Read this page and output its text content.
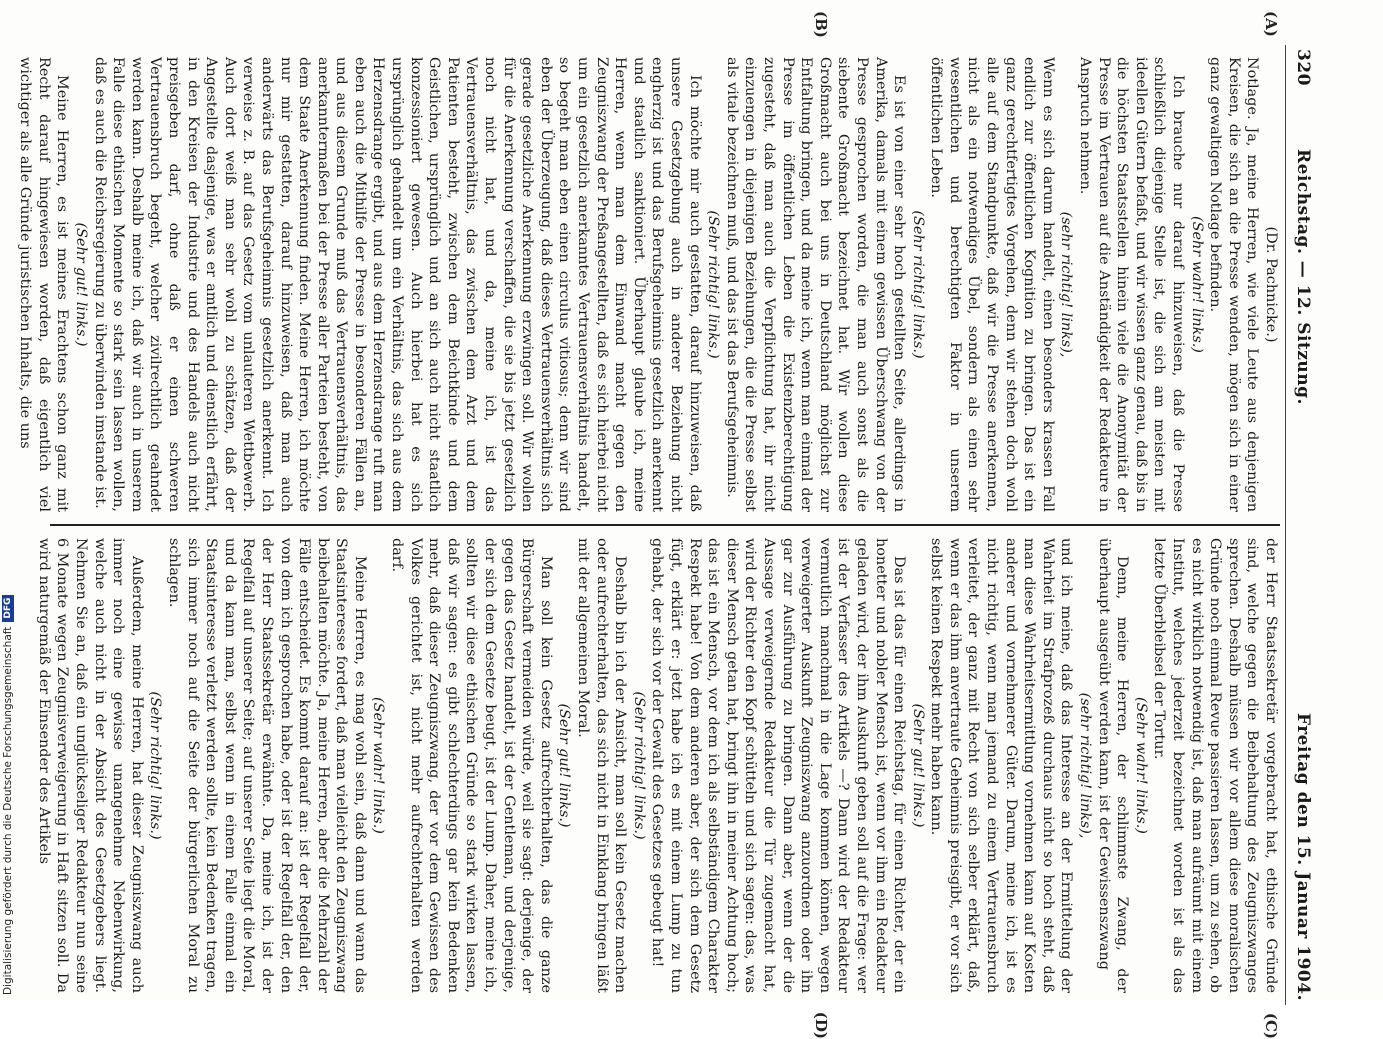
320
Reichstag. — 12. Sitzung.
Freitag den 15. Januar 1904.
(A)
(B)

(Dr. Pachnicke.)

Notlage. Ja, meine Herren, wie viele Leute aus denjenigen Kreisen, die sich an die Presse wenden, mögen sich in einer ganz gewaltigen Notlage befinden.

(Sehr wahr! links.)

Ich brauche nur darauf hinzuweisen, daß die Presse schließlich diejenige Stelle ist, die sich am meisten mit ideellen Gütern befaßt, und wir wissen ganz genau, daß bis in die höchsten Staatsstellen hinein viele die Anonymität der Presse im Vertrauen auf die Anständigkeit der Redakteure in Anspruch nehmen.

(sehr richtig! links),

Wenn es sich darum handelt, einen besonders krassen Fall endlich zur öffentlichen Kognition zu bringen. Das ist ein ganz gerechtfertigtes Vorgehen, denn wir stehen doch wohl alle auf dem Standpunkte, daß wir die Presse anerkennen, nicht als ein notwendiges Übel, sondern als einen sehr wesentlichen und berechtigten Faktor in unserem öffentlichen Leben.

(Sehr richtig! links.)

Es ist von einer sehr hoch gestellten Seite, allerdings in Amerika, damals mit einem gewissen Überschwang von der Presse gesprochen worden, die man auch sonst als die siebente Großmacht bezeichnet hat. Wir wollen diese Großmacht auch bei uns in Deutschland möglichst zur Entfaltung bringen, und da meine ich, wenn man einmal der Presse im öffentlichen Leben die Existenzberechtigung zugesteht, daß man auch die Verpflichtung hat, ihr nicht einzuengen in diejenigen Beziehungen, die die Presse selbst als vitale bezeichnen muß, und das ist das Berufsgeheimnis.

(Sehr richtig! links.)

Ich möchte mir auch gestatten, darauf hinzuweisen, daß unsere Gesetzgebung auch in anderer Beziehung nicht engherzig ist und das Berufsgeheimnis gesetzlich anerkennt und staatlich sanktioniert. Überhaupt glaube ich, meine Herren, wenn man dem Einwand macht gegen den Zeugniszwang der Preßangestellten, daß es sich hierbei nicht um ein gesetzlich anerkanntes Vertrauensverhältnis handelt, so begeht man eben einen circulus vitiosus; denn wir sind eben der Überzeugung, daß dieses Vertrauensverhältnis sich gerade gesetzliche Anerkennung erzwingen soll. Wir wollen für die Anerkennung verschaffen, die sie bis jetzt gesetzlich noch nicht hat, und da, meine ich, ist das Vertrauensverhältnis, das zwischen dem Arzt und dem Patienten besteht, zwischen dem Beichtkinde und dem Geistlichen, ursprünglich und an sich auch nicht staatlich konzessioniert gewesen. Auch hierbei hat es sich ursprünglich gehandelt um ein Verhältnis, das sich aus dem Herzensdrange ergibt, und aus dem Herzensdrange ruft man eben auch die Mithilfe der Presse in besonderen Fällen an, und aus diesem Grunde muß das Vertrauensverhältnis, das anerkanntermaßen bei der Presse aller Parteien besteht, von dem Staate Anerkennung finden. Meine Herren, ich möchte nur mir gestatten, darauf hinzuweisen, daß man auch anderwärts das Berufsgeheimnis gesetzlich anerkennt. Ich verweise z. B. auf das Gesetz vom unlauteren Wettbewerb. Auch dort weiß man sehr wohl zu schätzen, daß der Angestellte dasjenige, was er amtlich und dienstlich erfährt, in den Kreisen der Industrie und des Handels auch nicht preisgeben darf, ohne daß er einen schweren Vertrauensbruch begeht, welcher zivilrechtlich geahndet werden kann. Deshalb meine ich, daß wir auch in unserem Falle diese ethischen Momente so stark sein lassen wollen, daß es auch die Reichsregierung zu überwinden imstande ist.

(Sehr gut! links.)

Meine Herren, es ist meines Erachtens schon ganz mit Recht darauf hingewiesen worden, daß eigentlich viel wichtiger als alle Gründe juristischen Inhalts, die uns

(C)
(D)

der Herr Staatssekretär vorgebracht hat, ethische Gründe sind, welche gegen die Beibehaltung des Zeugniszwanges sprechen. Deshalb müssen wir vor allem diese moralischen Gründe noch einmal Revue passieren lassen, um zu sehen, ob es nicht wirklich notwendig ist, daß man aufräumt mit einem Institut, welches jederzeit bezeichnet worden ist als das letzte Überbleibsel der Tortur.

(Sehr wahr! links.)

Denn, meine Herren, der schlimmste Zwang, der überhaupt ausgeübt werden kann, ist der Gewissenszwang

(sehr richtig! links),

und ich meine, daß das Interesse an der Ermittelung der Wahrheit im Strafprozeß durchaus nicht so hoch steht, daß man diese Wahrheitsermittlung vornehmen kann auf Kosten anderer und vornehmerer Güter. Darum, meine ich, ist es nicht richtig, wenn man jemand zu einem Vertrauensbruch verleitet, der ganz mit Recht von sich selber erklärt, daß, wenn er das ihm anvertraute Geheimnis preisgibt, er vor sich selbst keinen Respekt mehr haben kann.

(Sehr gut! links.)

Das ist das für einen Reichstag, für einen Richter, der ein honetter und nobler Mensch ist, wenn vor ihm ein Redakteur geladen wird, der ihm Auskunft geben soll auf die Frage: wer ist der Verfasser des Artikels —? Dann wird der Redakteur vermutlich manchmal in die Lage kommen können, wegen verweigerter Auskunft Zeugniszwang anzuordnen oder ihn gar zur Ausführung zu bringen. Dann aber, wenn der die Aussage verweigernde Redakteur die Tür zugemacht hat, wird der Richter den Kopf schütteln und sich sagen: das, was dieser Mensch getan hat, bringt ihn in meiner Achtung hoch; das ist ein Mensch, vor dem ich als selbständigem Charakter Respekt habe! Von dem anderen aber, der sich dem Gesetz fügt, erklärt er: jetzt habe ich es mit einem Lump zu tun gehabt, der sich vor der Gewalt des Gesetzes gebeugt hat!

(Sehr richtig! links.)

Deshalb bin ich der Ansicht, man soll kein Gesetz machen oder aufrechterhalten, das sich nicht in Einklang bringen läßt mit der allgemeinen Moral.

(Sehr gut! links.)

Man soll kein Gesetz aufrechterhalten, das die ganze Bürgerschaft vermeiden würde, weil sie sagt: derjenige, der gegen das Gesetz handelt, ist der Gentleman, und derjenige, der sich dem Gesetze beugt, ist der Lump. Daher, meine ich, sollten wir diese ethischen Gründe so stark wirken lassen, daß wir sagen: es gibt schlechterdings gar kein Bedenken mehr, daß dieser Zeugniszwang, der vor dem Gewissen des Volkes gerichtet ist, nicht mehr aufrechterhalten werden darf.

(Sehr wahr! links.)

Meine Herren, es mag wohl sein, daß dann und wann das Staatsinteresse fordert, daß man vielleicht den Zeugniszwang beibehalten möchte. Ja, meine Herren, aber die Mehrzahl der Fälle entscheidet. Es kommt darauf an: ist der Regelfall der, von dem ich gesprochen habe, oder ist der Regelfall der, den der Herr Staatssekretär erwähnte. Da, meine ich, ist der Regelfall auf unserer Seite; auf unserer Seite liegt die Moral, und da kann man, selbst wenn in einem Falle einmal ein Staatsinteresse verletzt werden sollte, kein Bedenken tragen, sich immer noch auf die Seite der bürgerlichen Moral zu schlagen.

(Sehr richtig! links.)

Außerdem, meine Herren, hat dieser Zeugniszwang auch immer noch eine gewisse unangenehme Nebenwirkung, welche auch nicht in der Absicht des Gesetzgebers liegt. Nehmen Sie an, daß ein unglückseliger Redakteur nun seine 6 Monate wegen Zeugnisverweigerung in Haft sitzen soll. Da wird naturgemäß der Einsender des Artikels

Digitalisierung gefördert durch die Deutsche Forschungsgemeinschaft
DFG
